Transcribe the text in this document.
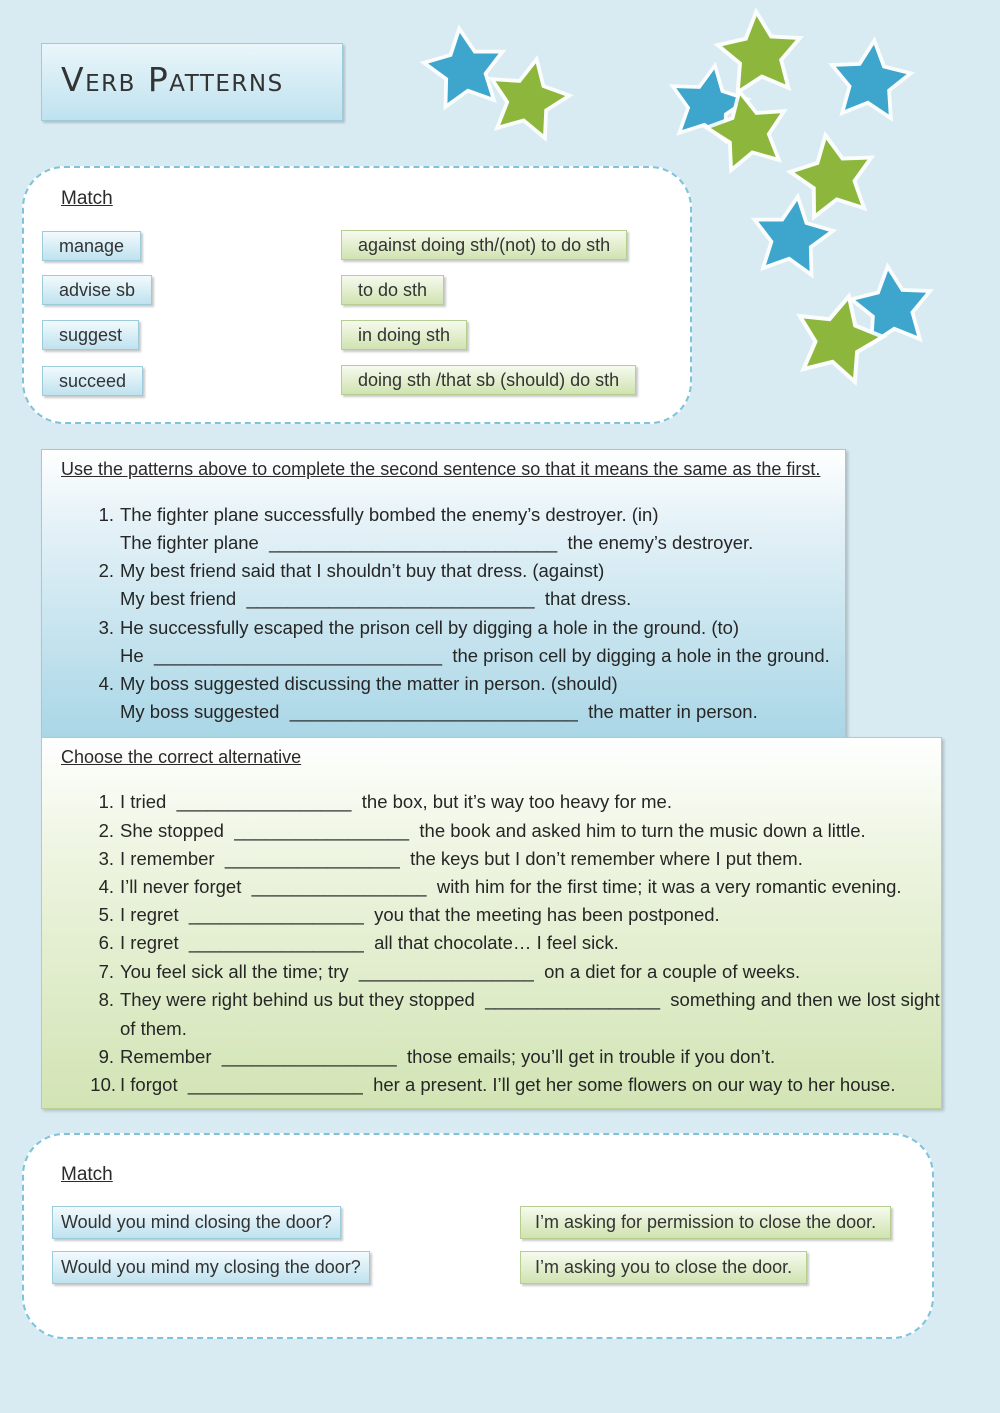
Verb Patterns
Match
manage
advise sb
suggest
succeed
against doing sth/(not) to do sth
to do sth
in doing sth
doing sth /that sb (should) do sth
Use the patterns above to complete the second sentence so that it means the same as the first.
1. The fighter plane successfully bombed the enemy’s destroyer. (in)
The fighter plane ____________________________ the enemy’s destroyer.
2. My best friend said that I shouldn’t buy that dress. (against)
My best friend ____________________________ that dress.
3. He successfully escaped the prison cell by digging a hole in the ground. (to)
He ____________________________ the prison cell by digging a hole in the ground.
4. My boss suggested discussing the matter in person. (should)
My boss suggested ____________________________ the matter in person.
Choose the correct alternative
1. I tried _________________ the box, but it’s way too heavy for me.
2. She stopped _________________ the book and asked him to turn the music down a little.
3. I remember _________________ the keys but I don’t remember where I put them.
4. I’ll never forget _________________ with him for the first time; it was a very romantic evening.
5. I regret _________________ you that the meeting has been postponed.
6. I regret _________________ all that chocolate… I feel sick.
7. You feel sick all the time; try _________________ on a diet for a couple of weeks.
8. They were right behind us but they stopped _________________ something and then we lost sight
of them.
9. Remember _________________ those emails; you’ll get in trouble if you don’t.
10. I forgot _________________ her a present. I’ll get her some flowers on our way to her house.
Match
Would you mind closing the door?
Would you mind my closing the door?
I’m asking for permission to close the door.
I’m asking you to close the door.
